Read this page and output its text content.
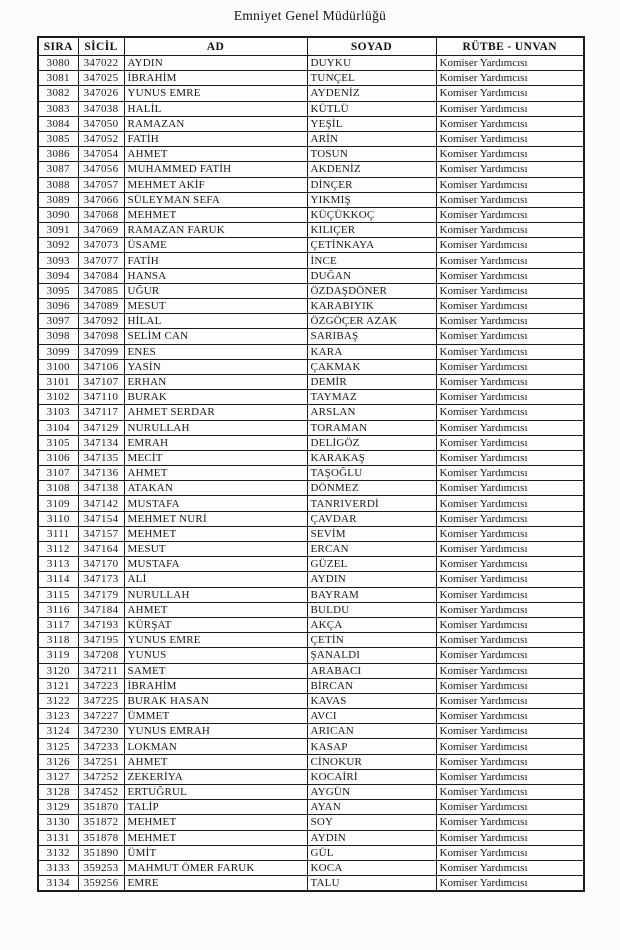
Emniyet Genel Müdürlüğü
SIRA	SİCİL	AD	SOYAD	RÜTBE - UNVAN
3080	347022	AYDIN	DUYKU	Komiser Yardımcısı
3081	347025	İBRAHİM	TUNÇEL	Komiser Yardımcısı
3082	347026	YUNUS EMRE	AYDENİZ	Komiser Yardımcısı
3083	347038	HALİL	KÜTLÜ	Komiser Yardımcısı
3084	347050	RAMAZAN	YEŞİL	Komiser Yardımcısı
3085	347052	FATİH	ARİN	Komiser Yardımcısı
3086	347054	AHMET	TOSUN	Komiser Yardımcısı
3087	347056	MUHAMMED FATİH	AKDENİZ	Komiser Yardımcısı
3088	347057	MEHMET AKİF	DİNÇER	Komiser Yardımcısı
3089	347066	SÜLEYMAN SEFA	YIKMIŞ	Komiser Yardımcısı
3090	347068	MEHMET	KÜÇÜKKOÇ	Komiser Yardımcısı
3091	347069	RAMAZAN FARUK	KILIÇER	Komiser Yardımcısı
3092	347073	ÜSAME	ÇETİNKAYA	Komiser Yardımcısı
3093	347077	FATİH	İNCE	Komiser Yardımcısı
3094	347084	HANSA	DUĞAN	Komiser Yardımcısı
3095	347085	UĞUR	ÖZDAŞDÖNER	Komiser Yardımcısı
3096	347089	MESUT	KARABIYIK	Komiser Yardımcısı
3097	347092	HİLAL	ÖZGÖÇER AZAK	Komiser Yardımcısı
3098	347098	SELİM CAN	SARIBAŞ	Komiser Yardımcısı
3099	347099	ENES	KARA	Komiser Yardımcısı
3100	347106	YASİN	ÇAKMAK	Komiser Yardımcısı
3101	347107	ERHAN	DEMİR	Komiser Yardımcısı
3102	347110	BURAK	TAYMAZ	Komiser Yardımcısı
3103	347117	AHMET SERDAR	ARSLAN	Komiser Yardımcısı
3104	347129	NURULLAH	TORAMAN	Komiser Yardımcısı
3105	347134	EMRAH	DELİGÖZ	Komiser Yardımcısı
3106	347135	MECİT	KARAKAŞ	Komiser Yardımcısı
3107	347136	AHMET	TAŞOĞLU	Komiser Yardımcısı
3108	347138	ATAKAN	DÖNMEZ	Komiser Yardımcısı
3109	347142	MUSTAFA	TANRIVERDİ	Komiser Yardımcısı
3110	347154	MEHMET NURİ	ÇAVDAR	Komiser Yardımcısı
3111	347157	MEHMET	SEVİM	Komiser Yardımcısı
3112	347164	MESUT	ERCAN	Komiser Yardımcısı
3113	347170	MUSTAFA	GÜZEL	Komiser Yardımcısı
3114	347173	ALİ	AYDIN	Komiser Yardımcısı
3115	347179	NURULLAH	BAYRAM	Komiser Yardımcısı
3116	347184	AHMET	BULDU	Komiser Yardımcısı
3117	347193	KÜRŞAT	AKÇA	Komiser Yardımcısı
3118	347195	YUNUS EMRE	ÇETİN	Komiser Yardımcısı
3119	347208	YUNUS	ŞANALDI	Komiser Yardımcısı
3120	347211	SAMET	ARABACI	Komiser Yardımcısı
3121	347223	İBRAHİM	BİRCAN	Komiser Yardımcısı
3122	347225	BURAK HASAN	KAVAS	Komiser Yardımcısı
3123	347227	ÜMMET	AVCI	Komiser Yardımcısı
3124	347230	YUNUS EMRAH	ARICAN	Komiser Yardımcısı
3125	347233	LOKMAN	KASAP	Komiser Yardımcısı
3126	347251	AHMET	CİNOKUR	Komiser Yardımcısı
3127	347252	ZEKERİYA	KOCAİRİ	Komiser Yardımcısı
3128	347452	ERTUĞRUL	AYGÜN	Komiser Yardımcısı
3129	351870	TALİP	AYAN	Komiser Yardımcısı
3130	351872	MEHMET	SOY	Komiser Yardımcısı
3131	351878	MEHMET	AYDIN	Komiser Yardımcısı
3132	351890	ÜMİT	GÜL	Komiser Yardımcısı
3133	359253	MAHMUT ÖMER FARUK	KOCA	Komiser Yardımcısı
3134	359256	EMRE	TALU	Komiser Yardımcısı
